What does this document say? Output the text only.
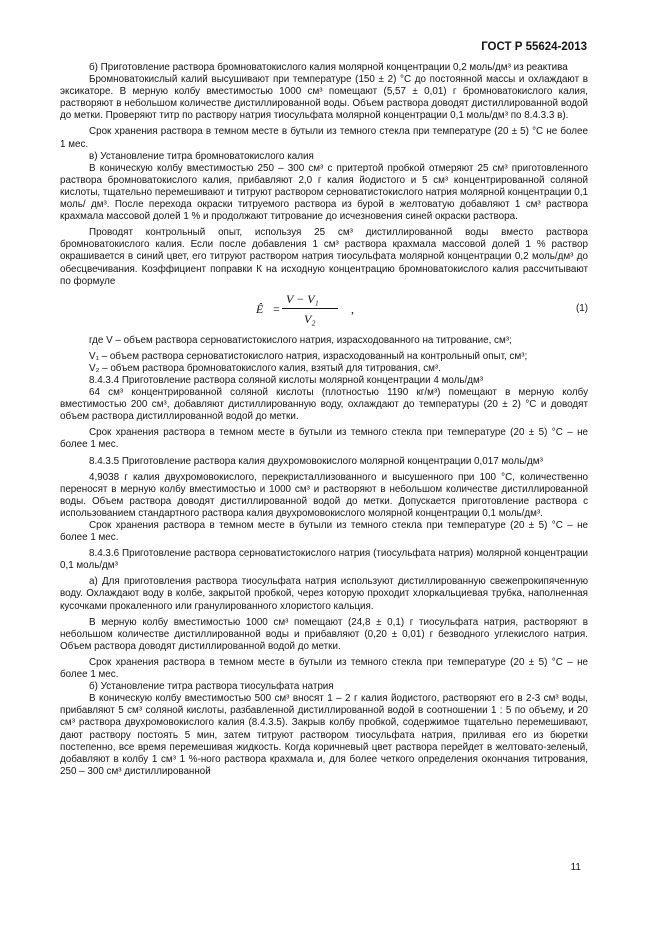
ГОСТ Р 55624-2013

б) Приготовление раствора бромноватокислого калия молярной концентрации 0,2 моль/дм³ из реактива

Бромноватокислый калий высушивают при температуре (150 ± 2) °С до постоянной массы и охлаждают в эксикаторе. В мерную колбу вместимостью 1000 см³ помещают (5,57 ± 0,01) г бромноватокислого калия, растворяют в небольшом количестве дистиллированной воды. Объем раствора доводят дистиллированной водой до метки. Проверяют титр по раствору натрия тиосульфата молярной концентрации 0,1 моль/дм³ по 8.4.3.3 в).

Срок хранения раствора в темном месте в бутыли из темного стекла при температуре (20 ± 5) °С не более 1 мес.

в) Установление титра бромноватокислого калия

В коническую колбу вместимостью 250 – 300 см³ с притертой пробкой отмеряют 25 см³ приготовленного раствора бромноватокислого калия, прибавляют 2,0 г калия йодистого и 5 см³ концентрированной соляной кислоты, тщательно перемешивают и титруют раствором серноватистокислого натрия молярной концентрации 0,1 моль/ дм³. После перехода окраски титруемого раствора из бурой в желтоватую добавляют 1 см³ раствора крахмала массовой долей 1 % и продолжают титрование до исчезновения синей окраски раствора.

Проводят контрольный опыт, используя 25 см³ дистиллированной воды вместо раствора бромноватокислого калия. Если после добавления 1 см³ раствора крахмала массовой долей 1 % раствор окрашивается в синий цвет, его титруют раствором натрия тиосульфата молярной концентрации 0,2 моль/дм³ до обесцвечивания. Коэффициент поправки К на исходную концентрацию бромноватокислого калия рассчитывают по формуле

Ê =
V − V₁
V₂
,	(1)

где V – объем раствора серноватистокислого натрия, израсходованного на титрование, см³;

V₁ – объем раствора серноватистокислого натрия, израсходованный на контрольный опыт, см³;

V₂ – объем раствора бромноватокислого калия, взятый для титрования, см³.

8.4.3.4 Приготовление раствора соляной кислоты молярной концентрации 4 моль/дм³

64 см³ концентрированной соляной кислоты (плотностью 1190 кг/м³) помещают в мерную колбу вместимостью 200 см³, добавляют дистиллированную воду, охлаждают до температуры (20 ± 2) °С и доводят объем раствора дистиллированной водой до метки.

Срок хранения раствора в темном месте в бутыли из темного стекла при температуре (20 ± 5) °С – не более 1 мес.

8.4.3.5 Приготовление раствора калия двухромовокислого молярной концентрации 0,017 моль/дм³

4,9038 г калия двухромовокислого, перекристаллизованного и высушенного при 100 °С, количественно переносят в мерную колбу вместимостью и 1000 см³ и растворяют в небольшом количестве дистиллированной воды. Объем раствора доводят дистиллированной водой до метки. Допускается приготовление раствора с использованием стандартного раствора калия двухромовокислого молярной концентрации 0,1 моль/дм³.

Срок хранения раствора в темном месте в бутыли из темного стекла при температуре (20 ± 5) °С – не более 1 мес.

8.4.3.6 Приготовление раствора серноватистокислого натрия (тиосульфата натрия) молярной концентрации 0,1 моль/дм³

а) Для приготовления раствора тиосульфата натрия используют дистиллированную свежепрокипяченную воду. Охлаждают воду в колбе, закрытой пробкой, через которую проходит хлоркальциевая трубка, наполненная кусочками прокаленного или гранулированного хлористого кальция.

В мерную колбу вместимостью 1000 см³ помещают (24,8 ± 0,1) г тиосульфата натрия, растворяют в небольшом количестве дистиллированной воды и прибавляют (0,20 ± 0,01) г безводного углекислого натрия. Объем раствора доводят дистиллированной водой до метки.

Срок хранения раствора в темном месте в бутыли из темного стекла при температуре (20 ± 5) °С – не более 1 мес.

б) Установление титра раствора тиосульфата натрия

В коническую колбу вместимостью 500 см³ вносят 1 – 2 г калия йодистого, растворяют его в 2-3 см³ воды, прибавляют 5 см³ соляной кислоты, разбавленной дистиллированной водой в соотношении 1 : 5 по объему, и 20 см³ раствора двухромовокислого калия (8.4.3.5). Закрыв колбу пробкой, содержимое тщательно перемешивают, дают раствору постоять 5 мин, затем титруют раствором тиосульфата натрия, приливая его из бюретки постепенно, все время перемешивая жидкость. Когда коричневый цвет раствора перейдет в желтовато-зеленый, добавляют в колбу 1 см³ 1 %-ного раствора крахмала и, для более четкого определения окончания титрования, 250 – 300 см³ дистиллированной

11
